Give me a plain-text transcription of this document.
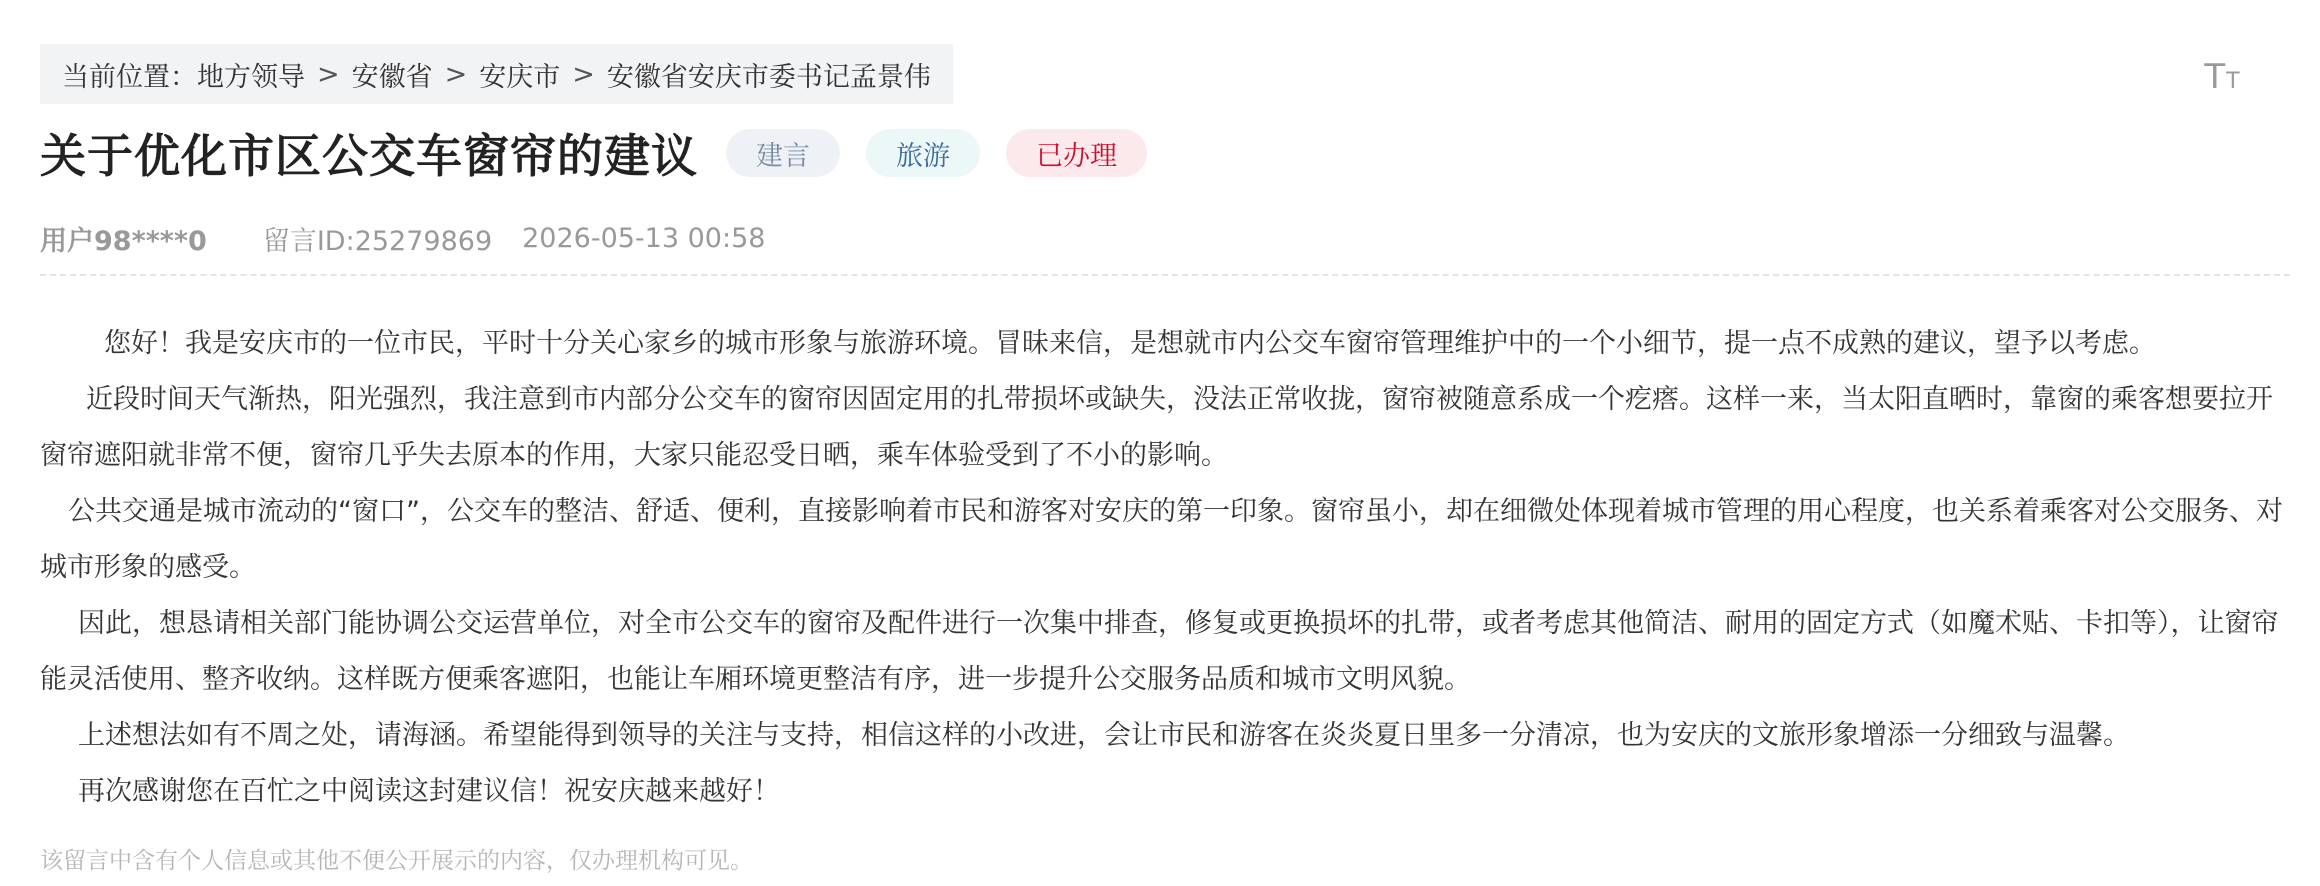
当前位置： 地方领导 > 安徽省 > 安庆市 > 安徽省安庆市委书记孟景伟	T T
关于优化市区公交车窗帘的建议	建言	旅游	已办理
用户98****0 留言ID:25279869 2026-05-13 00:58

您好！我是安庆市的一位市民，平时十分关心家乡的城市形象与旅游环境。冒昧来信，是想就市内公交车窗帘管理维护中的一个小细节，提一点不成熟的建议，望予以考虑。

近段时间天气渐热，阳光强烈，我注意到市内部分公交车的窗帘因固定用的扎带损坏或缺失，没法正常收拢，窗帘被随意系成一个疙瘩。这样一来，当太阳直晒时，靠窗的乘客想要拉开窗帘遮阳就非常不便，窗帘几乎失去原本的作用，大家只能忍受日晒，乘车体验受到了不小的影响。

公共交通是城市流动的“窗口”，公交车的整洁、舒适、便利，直接影响着市民和游客对安庆的第一印象。窗帘虽小，却在细微处体现着城市管理的用心程度，也关系着乘客对公交服务、对城市形象的感受。

因此，想恳请相关部门能协调公交运营单位，对全市公交车的窗帘及配件进行一次集中排查，修复或更换损坏的扎带，或者考虑其他简洁、耐用的固定方式（如魔术贴、卡扣等），让窗帘能灵活使用、整齐收纳。这样既方便乘客遮阳，也能让车厢环境更整洁有序，进一步提升公交服务品质和城市文明风貌。

上述想法如有不周之处，请海涵。希望能得到领导的关注与支持，相信这样的小改进，会让市民和游客在炎炎夏日里多一分清凉，也为安庆的文旅形象增添一分细致与温馨。

再次感谢您在百忙之中阅读这封建议信！祝安庆越来越好！

该留言中含有个人信息或其他不便公开展示的内容，仅办理机构可见。
